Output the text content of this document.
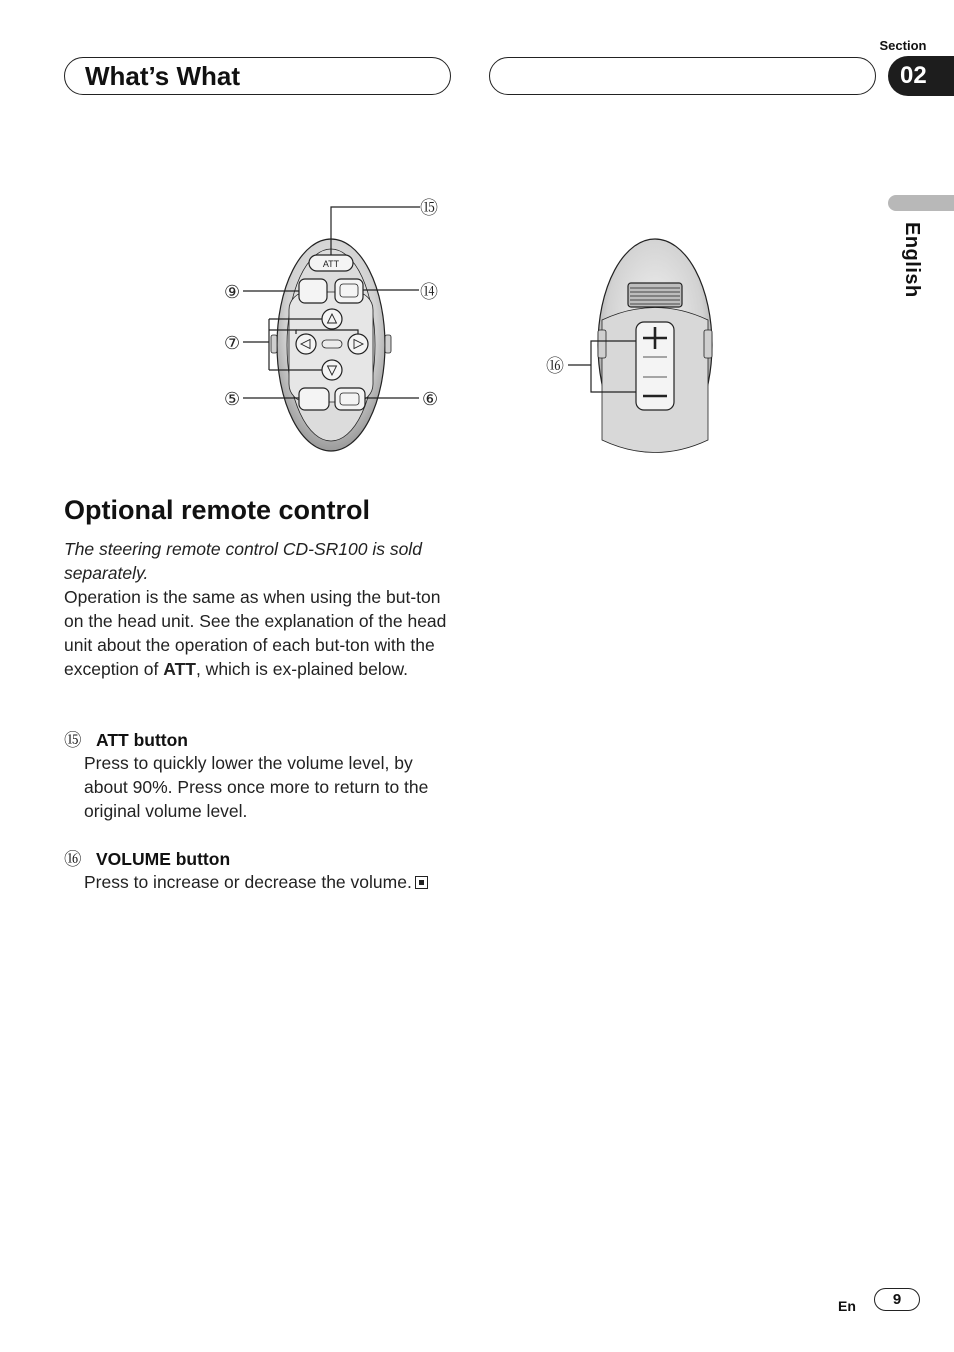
What’s What
Section
02
English
ATT
⑮
⑨	⑭
⑦
⑤	⑥
⑯
Optional remote control

The steering remote control CD-SR100 is sold separately.

Operation is the same as when using the but-ton on the head unit. See the explanation of the head unit about the operation of each but-ton with the exception of ATT, which is ex-plained below.

⑮ ATT button

Press to quickly lower the volume level, by about 90%. Press once more to return to the original volume level.

⑯ VOLUME button

Press to increase or decrease the volume.

En	9
